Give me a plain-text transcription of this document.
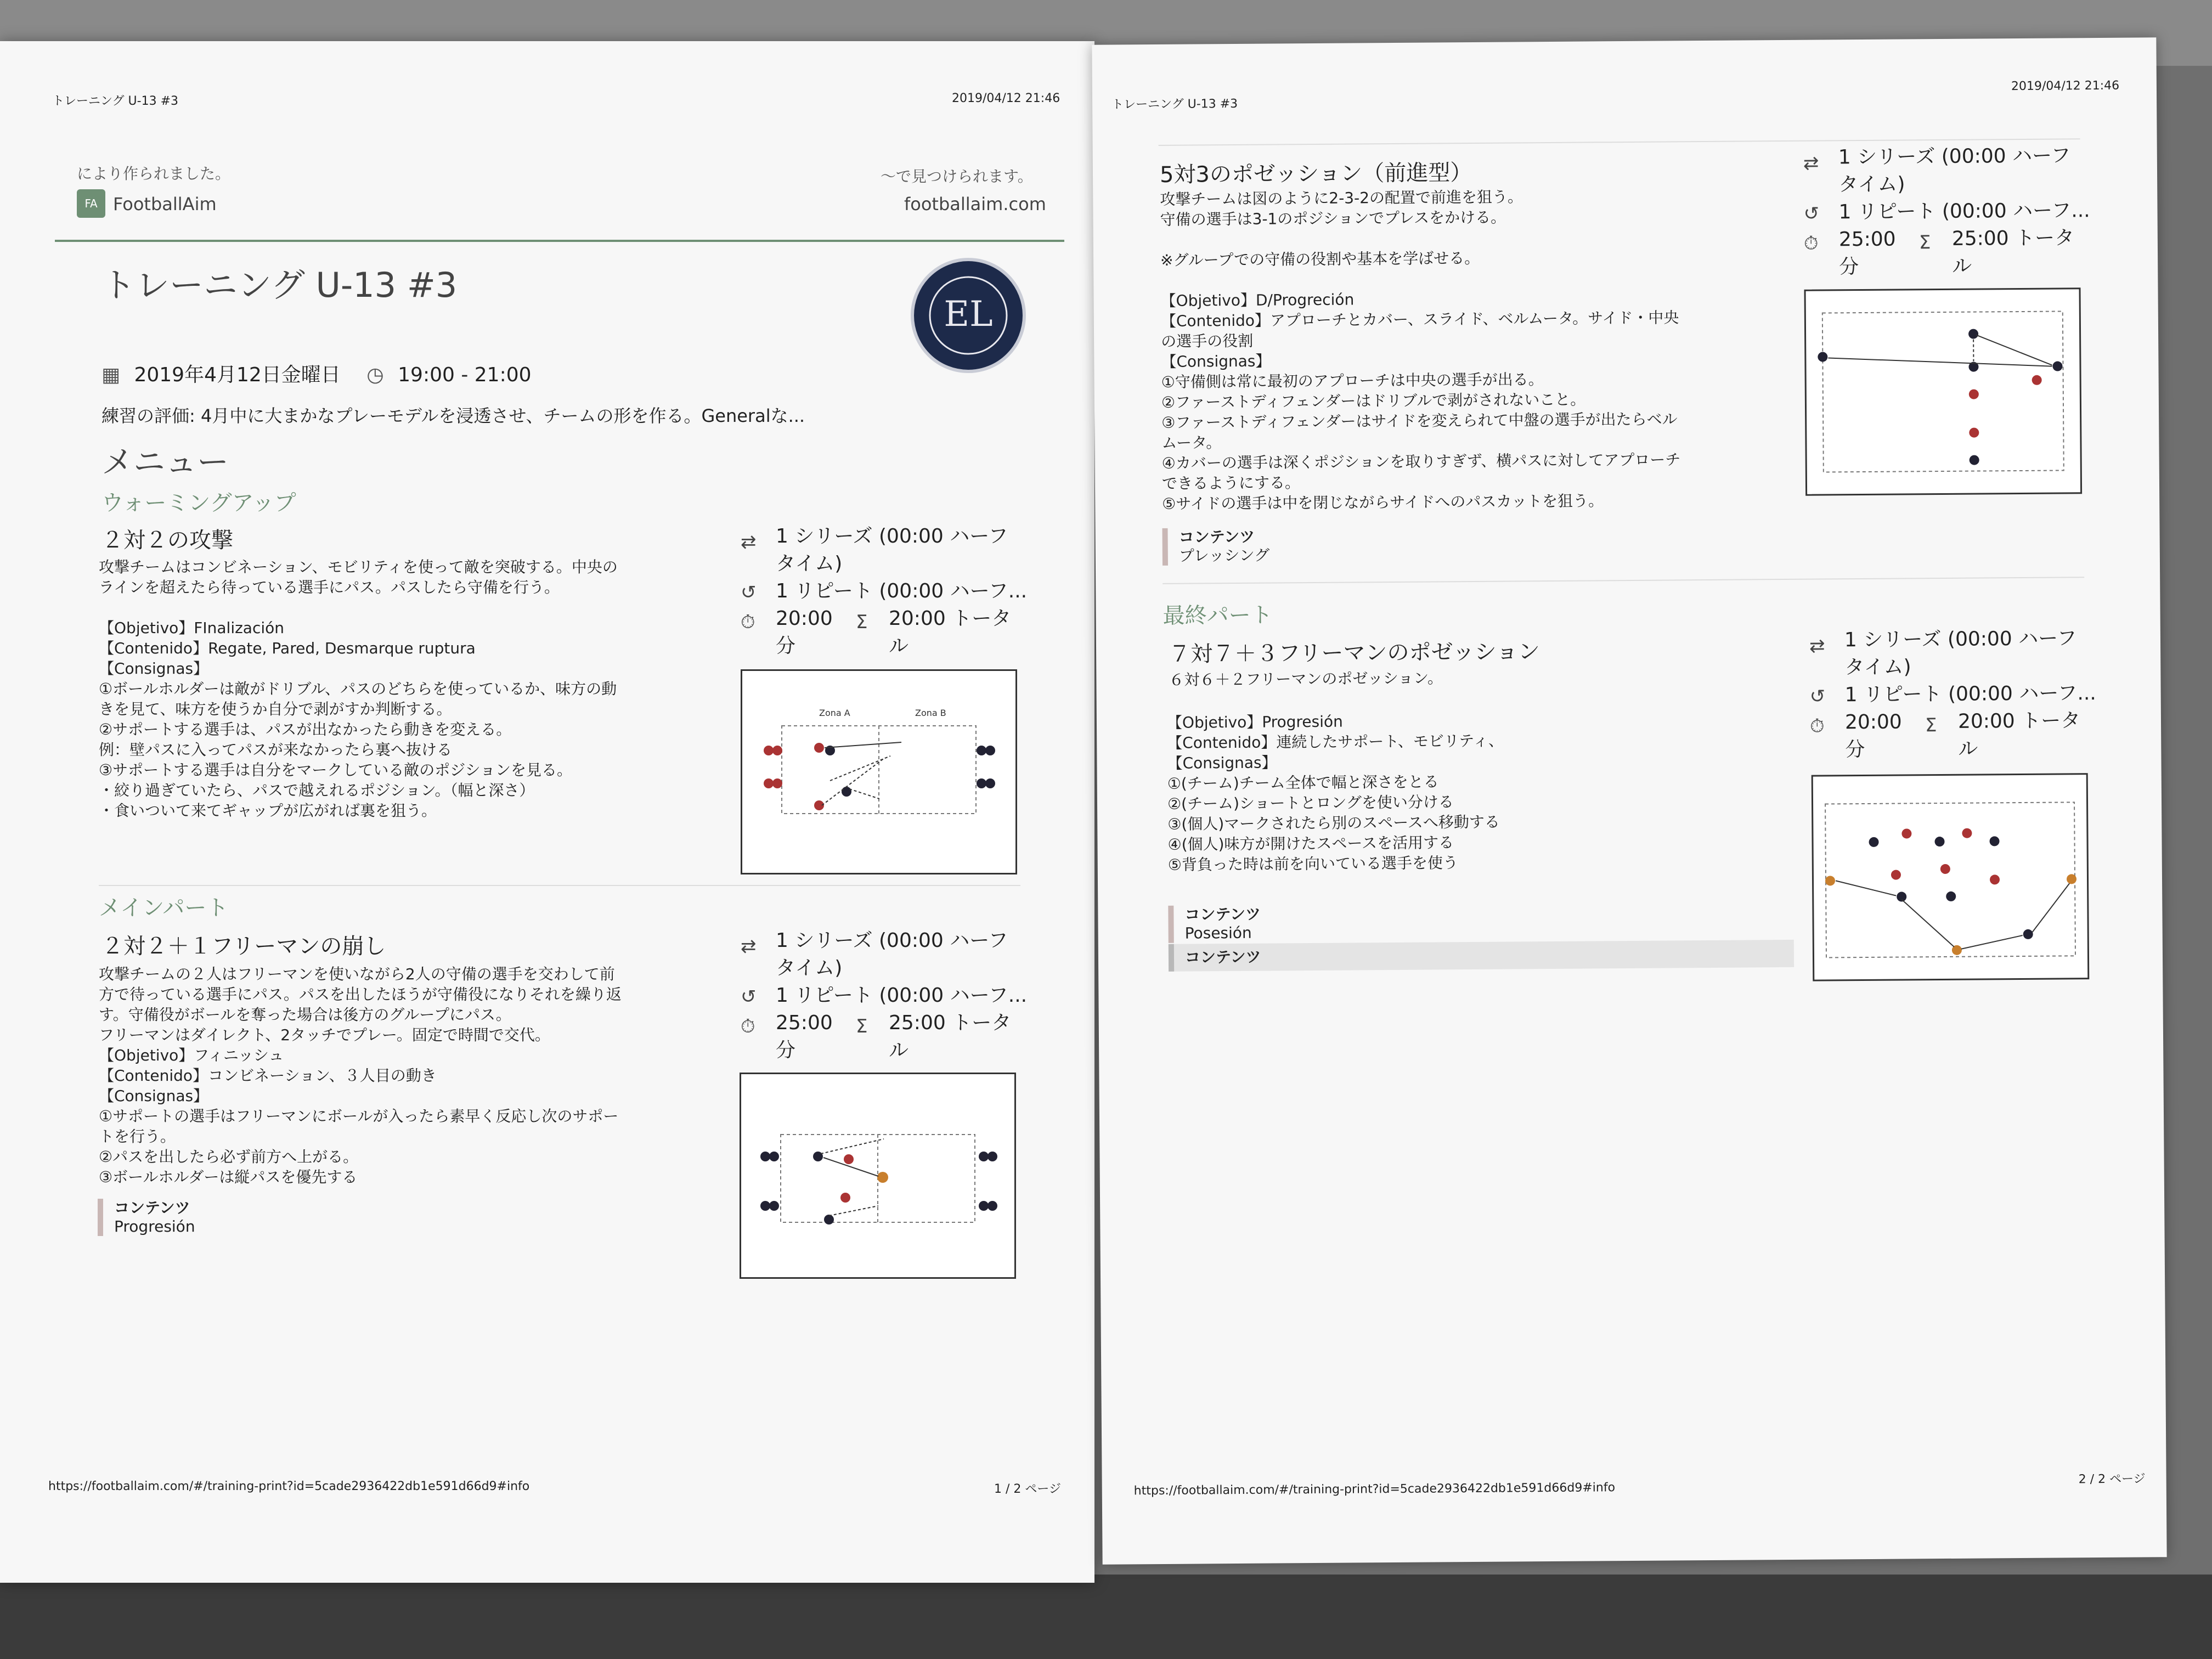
トレーニング U-13 #3	2019/04/12 21:46
により作られました。
FA FootballAim
～で見つけられます。
footballaim.com
トレーニング U-13 #3
EL
▦ 2019年4月12日金曜日 ◷ 19:00 - 21:00
練習の評価: 4月中に大まかなプレーモデルを浸透させ、チームの形を作る。Generalな...
メニュー
ウォーミングアップ
２対２の攻撃
攻撃チームはコンビネーション、モビリティを使って敵を突破する。中央の
ラインを超えたら待っている選手にパス。パスしたら守備を行う。

【Objetivo】FInalización
【Contenido】Regate, Pared, Desmarque ruptura
【Consignas】
①ボールホルダーは敵がドリブル、パスのどちらを使っているか、味方の動
きを見て、味方を使うか自分で剥がすか判断する。
②サポートする選手は、パスが出なかったら動きを変える。
例：壁パスに入ってパスが来なかったら裏へ抜ける
③サポートする選手は自分をマークしている敵のポジションを見る。
・絞り過ぎていたら、パスで越えれるポジション。（幅と深さ）
・食いついて来てギャップが広がれば裏を狙う。
⇄ 1 シリーズ (00:00 ハーフ
タイム)
↺ 1 リピート (00:00 ハーフ...
⏱ 20:00
分
Σ 20:00 トータ
ル
Zona A	Zona B
メインパート
２対２＋１フリーマンの崩し
攻撃チームの２人はフリーマンを使いながら2人の守備の選手を交わして前
方で待っている選手にパス。パスを出したほうが守備役になりそれを繰り返
す。守備役がボールを奪った場合は後方のグループにパス。
フリーマンはダイレクト、2タッチでプレー。固定で時間で交代。
【Objetivo】フィニッシュ
【Contenido】コンビネーション、３人目の動き
【Consignas】
①サポートの選手はフリーマンにボールが入ったら素早く反応し次のサポー
トを行う。
②パスを出したら必ず前方へ上がる。
③ボールホルダーは縦パスを優先する
コンテンツ
Progresión
⇄ 1 シリーズ (00:00 ハーフ
タイム)
↺ 1 リピート (00:00 ハーフ...
⏱ 25:00
分
Σ 25:00 トータ
ル
https://footballaim.com/#/training-print?id=5cade2936422db1e591d66d9#info	1 / 2 ページ
トレーニング U-13 #3
2019/04/12 21:46
5対3のポゼッション（前進型）
攻撃チームは図のように2-3-2の配置で前進を狙う。
守備の選手は3-1のポジションでプレスをかける。

※グループでの守備の役割や基本を学ばせる。

【Objetivo】D/Progreción
【Contenido】アプローチとカバー、スライド、ベルムータ。サイド・中央
の選手の役割
【Consignas】
①守備側は常に最初のアプローチは中央の選手が出る。
②ファーストディフェンダーはドリブルで剥がされないこと。
③ファーストディフェンダーはサイドを変えられて中盤の選手が出たらベル
ムータ。
④カバーの選手は深くポジションを取りすぎず、横パスに対してアプローチ
できるようにする。
⑤サイドの選手は中を閉じながらサイドへのパスカットを狙う。
コンテンツ
プレッシング
⇄ 1 シリーズ (00:00 ハーフ
タイム)
↺ 1 リピート (00:00 ハーフ...
⏱ 25:00
分
Σ 25:00 トータ
ル
最終パート
７対７＋３フリーマンのポゼッション
６対６＋２フリーマンのポゼッション。
【Objetivo】Progresión
【Contenido】連続したサポート、モビリティ、
【Consignas】
①(チーム)チーム全体で幅と深さをとる
②(チーム)ショートとロングを使い分ける
③(個人)マークされたら別のスペースへ移動する
④(個人)味方が開けたスペースを活用する
⑤背負った時は前を向いている選手を使う
コンテンツ
Posesión
コンテンツ
⇄ 1 シリーズ (00:00 ハーフ
タイム)
↺ 1 リピート (00:00 ハーフ...
⏱ 20:00
分
Σ 20:00 トータ
ル
https://footballaim.com/#/training-print?id=5cade2936422db1e591d66d9#info
2 / 2 ページ
